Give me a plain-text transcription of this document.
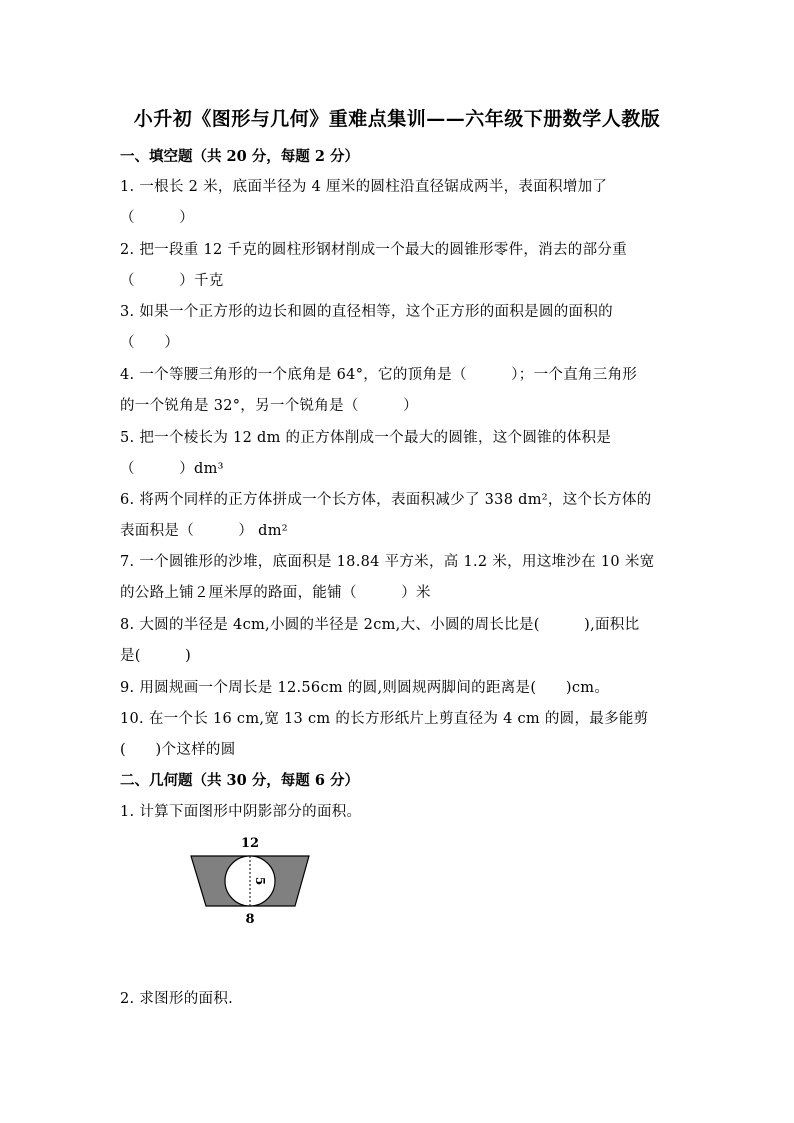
小升初《图形与几何》重难点集训——六年级下册数学人教版
一、填空题（共 20 分，每题 2 分）
1. 一根长 2 米，底面半径为 4 厘米的圆柱沿直径锯成两半，表面积增加了
（　　　）
2. 把一段重 12 千克的圆柱形钢材削成一个最大的圆锥形零件，消去的部分重
（　　　）千克
3. 如果一个正方形的边长和圆的直径相等，这个正方形的面积是圆的面积的
（　　）
4. 一个等腰三角形的一个底角是 64°，它的顶角是（　　　）；一个直角三角形
的一个锐角是 32°，另一个锐角是（　　　）
5. 把一个棱长为 12 dm 的正方体削成一个最大的圆锥，这个圆锥的体积是
（　　　）dm³
6. 将两个同样的正方体拼成一个长方体，表面积减少了 338 dm²，这个长方体的
表面积是（　　　） dm²
7. 一个圆锥形的沙堆，底面积是 18.84 平方米，高 1.2 米，用这堆沙在 10 米宽
的公路上铺２厘米厚的路面，能铺（　　　）米
8. 大圆的半径是 4cm,小圆的半径是 2cm,大、小圆的周长比是(　　　),面积比
是(　　　)
9. 用圆规画一个周长是 12.56cm 的圆,则圆规两脚间的距离是(　　)cm。
10. 在一个长 16 cm,宽 13 cm 的长方形纸片上剪直径为 4 cm 的圆，最多能剪
(　　)个这样的圆
二、几何题（共 30 分，每题 6 分）
1. 计算下面图形中阴影部分的面积。
12
8
5
2. 求图形的面积.
